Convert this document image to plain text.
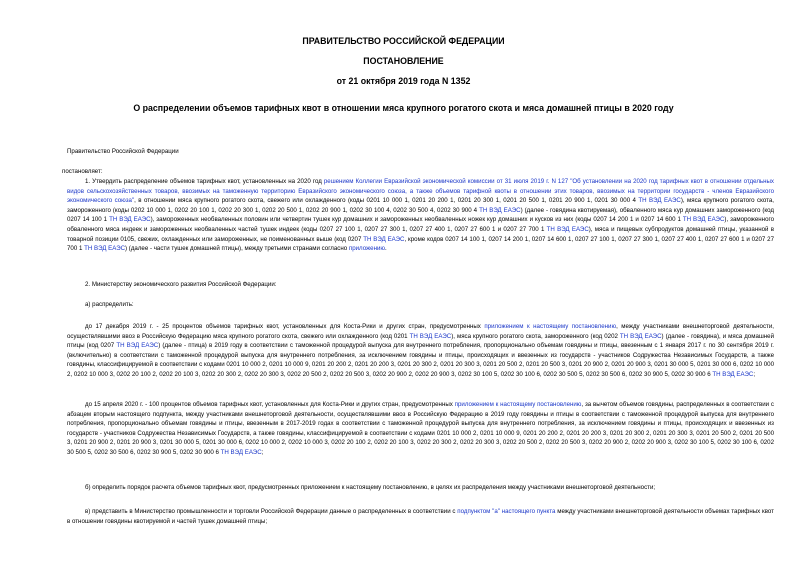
ПРАВИТЕЛЬСТВО РОССИЙСКОЙ ФЕДЕРАЦИИ
ПОСТАНОВЛЕНИЕ
от 21 октября 2019 года N 1352
О распределении объемов тарифных квот в отношении мяса крупного рогатого скота и мяса домашней птицы в 2020 году
Правительство Российской Федерации
постановляет:
1. Утвердить распределение объемов тарифных квот, установленных на 2020 год решением Коллегии Евразийской экономической комиссии от 31 июля 2019 г. N 127 "Об установлении на 2020 год тарифных квот в отношении отдельных видов сельскохозяйственных товаров, ввозимых на таможенную территорию Евразийского экономического союза, а также объемов тарифной квоты в отношении этих товаров, ввозимых на территории государств - членов Евразийского экономического союза", в отношении мяса крупного рогатого скота, свежего или охлажденного (коды 0201 10 000 1, 0201 20 200 1, 0201 20 300 1, 0201 20 500 1, 0201 20 900 1, 0201 30 000 4 ТН ВЭД ЕАЭС), мяса крупного рогатого скота, замороженного (коды 0202 10 000 1, 0202 20 100 1, 0202 20 300 1, 0202 20 500 1, 0202 20 900 1, 0202 30 100 4, 0202 30 500 4, 0202 30 900 4 ТН ВЭД ЕАЭС) (далее - говядина квотируемая), обваленного мяса кур домашних замороженного (код 0207 14 100 1 ТН ВЭД ЕАЭС), замороженных необваленных половин или четвертин тушек кур домашних и замороженных необваленных ножек кур домашних и кусков из них (коды 0207 14 200 1 и 0207 14 600 1 ТН ВЭД ЕАЭС), замороженного обваленного мяса индеек и замороженных необваленных частей тушек индеек (коды 0207 27 100 1, 0207 27 300 1, 0207 27 400 1, 0207 27 600 1 и 0207 27 700 1 ТН ВЭД ЕАЭС), мяса и пищевых субпродуктов домашней птицы, указанной в товарной позиции 0105, свежих, охлажденных или замороженных, не поименованных выше (код 0207 ТН ВЭД ЕАЭС, кроме кодов 0207 14 100 1, 0207 14 200 1, 0207 14 600 1, 0207 27 100 1, 0207 27 300 1, 0207 27 400 1, 0207 27 600 1 и 0207 27 700 1 ТН ВЭД ЕАЭС) (далее - части тушек домашней птицы), между третьими странами согласно приложению.
2. Министерству экономического развития Российской Федерации:
а) распределить:
до 17 декабря 2019 г. - 25 процентов объемов тарифных квот, установленных для Коста-Рики и других стран, предусмотренных приложением к настоящему постановлению, между участниками внешнеторговой деятельности, осуществлявшими ввоз в Российскую Федерацию мяса крупного рогатого скота, свежего или охлажденного (код 0201 ТН ВЭД ЕАЭС), мяса крупного рогатого скота, замороженного (код 0202 ТН ВЭД ЕАЭС) (далее - говядина), и мяса домашней птицы (код 0207 ТН ВЭД ЕАЭС) (далее - птица) в 2019 году в соответствии с таможенной процедурой выпуска для внутреннего потребления, пропорционально объемам говядины и птицы, ввезенным с 1 января 2017 г. по 30 сентября 2019 г. (включительно) в соответствии с таможенной процедурой выпуска для внутреннего потребления, за исключением говядины и птицы, происходящих и ввезенных из государств - участников Содружества Независимых Государств, а также говядины, классифицируемой в соответствии с кодами 0201 10 000 2, 0201 10 000 9, 0201 20 200 2, 0201 20 200 3, 0201 20 300 2, 0201 20 300 3, 0201 20 500 2, 0201 20 500 3, 0201 20 900 2, 0201 20 900 3, 0201 30 000 5, 0201 30 000 6, 0202 10 000 2, 0202 10 000 3, 0202 20 100 2, 0202 20 100 3, 0202 20 300 2, 0202 20 300 3, 0202 20 500 2, 0202 20 500 3, 0202 20 900 2, 0202 20 900 3, 0202 30 100 5, 0202 30 100 6, 0202 30 500 5, 0202 30 500 6, 0202 30 900 5, 0202 30 900 6 ТН ВЭД ЕАЭС;
до 15 апреля 2020 г. - 100 процентов объемов тарифных квот, установленных для Коста-Рики и других стран, предусмотренных приложением к настоящему постановлению, за вычетом объемов говядины, распределенных в соответствии с абзацем вторым настоящего подпункта, между участниками внешнеторговой деятельности, осуществлявшими ввоз в Российскую Федерацию в 2019 году говядины и птицы в соответствии с таможенной процедурой выпуска для внутреннего потребления, пропорционально объемам говядины и птицы, ввезенным в 2017-2019 годах в соответствии с таможенной процедурой выпуска для внутреннего потребления, за исключением говядины и птицы, происходящих и ввезенных из государств - участников Содружества Независимых Государств, а также говядины, классифицируемой в соответствии с кодами 0201 10 000 2, 0201 10 000 9, 0201 20 200 2, 0201 20 200 3, 0201 20 300 2, 0201 20 300 3, 0201 20 500 2, 0201 20 500 3, 0201 20 900 2, 0201 20 900 3, 0201 30 000 5, 0201 30 000 6, 0202 10 000 2, 0202 10 000 3, 0202 20 100 2, 0202 20 100 3, 0202 20 300 2, 0202 20 300 3, 0202 20 500 2, 0202 20 500 3, 0202 20 900 2, 0202 20 900 3, 0202 30 100 5, 0202 30 100 6, 0202 30 500 5, 0202 30 500 6, 0202 30 900 5, 0202 30 900 6 ТН ВЭД ЕАЭС;
б) определить порядок расчета объемов тарифных квот, предусмотренных приложением к настоящему постановлению, в целях их распределения между участниками внешнеторговой деятельности;
в) представить в Министерство промышленности и торговли Российской Федерации данные о распределенных в соответствии с подпунктом "а" настоящего пункта между участниками внешнеторговой деятельности объемах тарифных квот в отношении говядины квотируемой и частей тушек домашней птицы;
